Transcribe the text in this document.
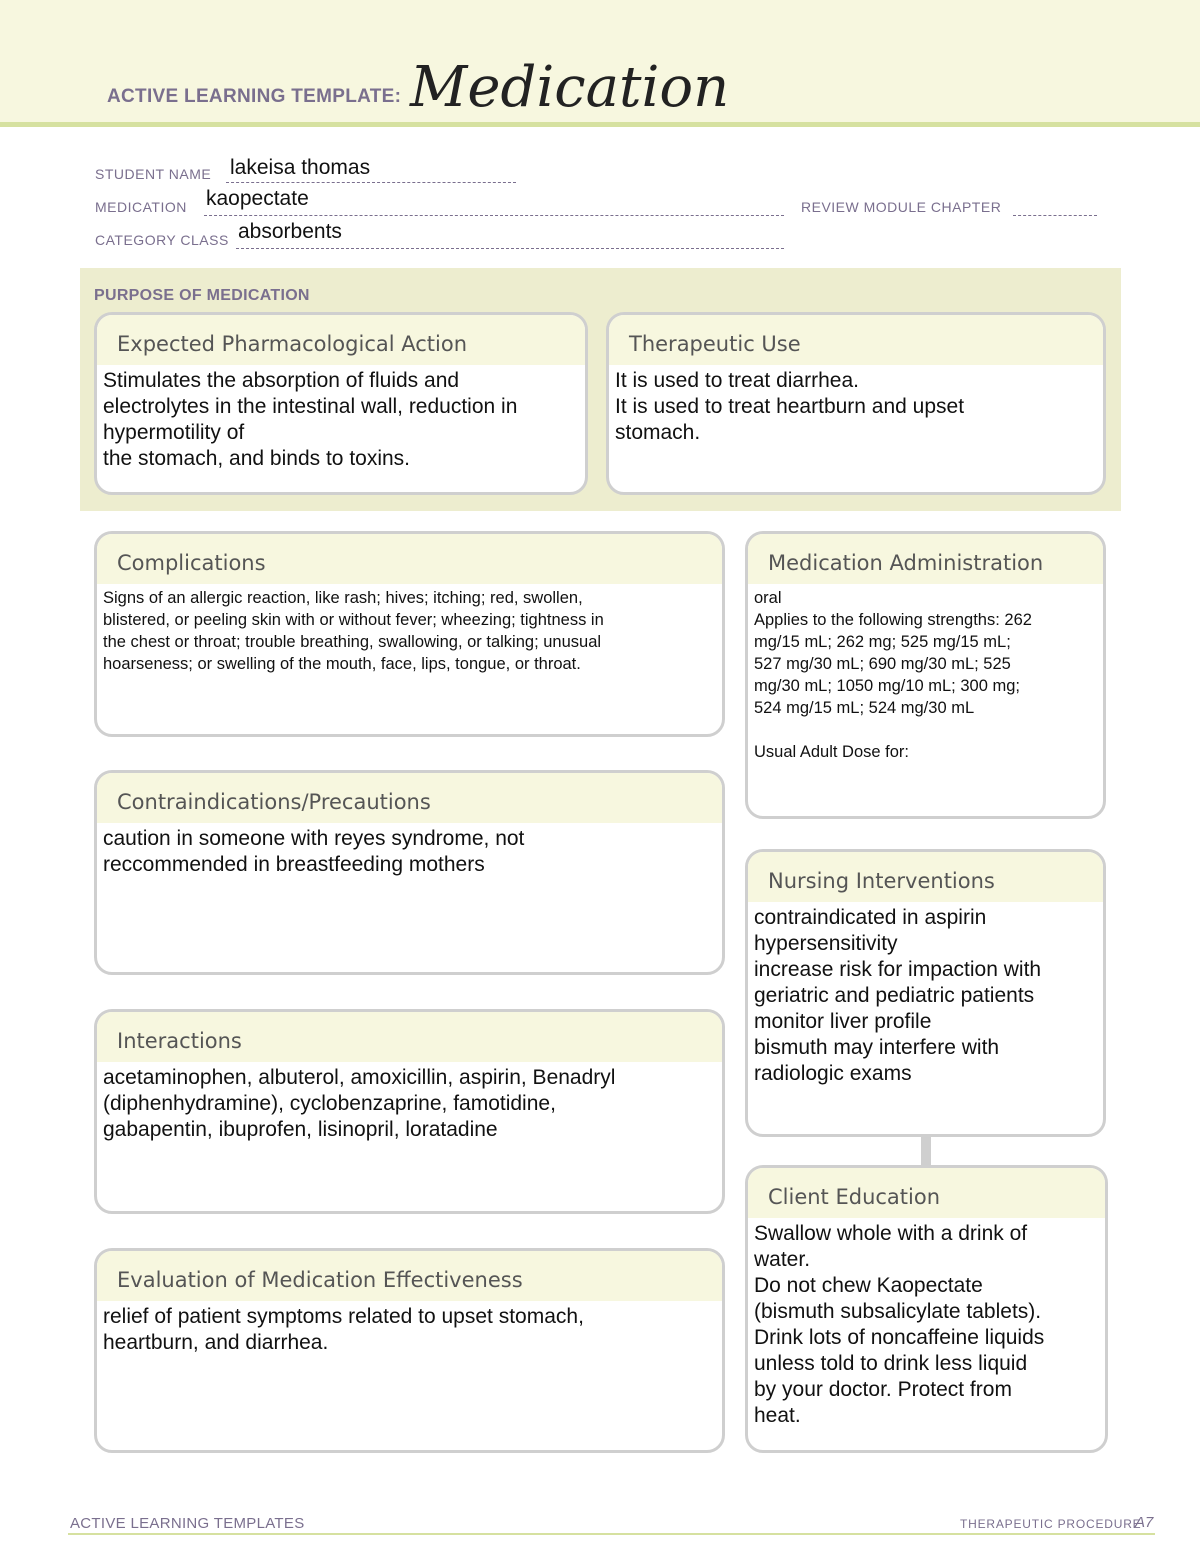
ACTIVE LEARNING TEMPLATE: Medication
STUDENT NAME lakeisa thomas
MEDICATION kaopectate	REVIEW MODULE CHAPTER
CATEGORY CLASS absorbents
PURPOSE OF MEDICATION
Expected Pharmacological Action
Stimulates the absorption of fluids and
electrolytes in the intestinal wall, reduction in
hypermotility of
the stomach, and binds to toxins.
Therapeutic Use
It is used to treat diarrhea.
It is used to treat heartburn and upset
stomach.
Complications
Signs of an allergic reaction, like rash; hives; itching; red, swollen,
blistered, or peeling skin with or without fever; wheezing; tightness in
the chest or throat; trouble breathing, swallowing, or talking; unusual
hoarseness; or swelling of the mouth, face, lips, tongue, or throat.
Contraindications/Precautions
caution in someone with reyes syndrome, not
reccommended in breastfeeding mothers
Interactions
acetaminophen, albuterol, amoxicillin, aspirin, Benadryl
(diphenhydramine), cyclobenzaprine, famotidine,
gabapentin, ibuprofen, lisinopril, loratadine
Evaluation of Medication Effectiveness
relief of patient symptoms related to upset stomach,
heartburn, and diarrhea.
Medication Administration
oral
Applies to the following strengths: 262
mg/15 mL; 262 mg; 525 mg/15 mL;
527 mg/30 mL; 690 mg/30 mL; 525
mg/30 mL; 1050 mg/10 mL; 300 mg;
524 mg/15 mL; 524 mg/30 mL

Usual Adult Dose for:
Nursing Interventions
contraindicated in aspirin
hypersensitivity
increase risk for impaction with
geriatric and pediatric patients
monitor liver profile
bismuth may interfere with
radiologic exams
Client Education
Swallow whole with a drink of
water.
Do not chew Kaopectate
(bismuth subsalicylate tablets).
Drink lots of noncaffeine liquids
unless told to drink less liquid
by your doctor. Protect from
heat.
ACTIVE LEARNING TEMPLATES	THERAPEUTIC PROCEDURE
A7
